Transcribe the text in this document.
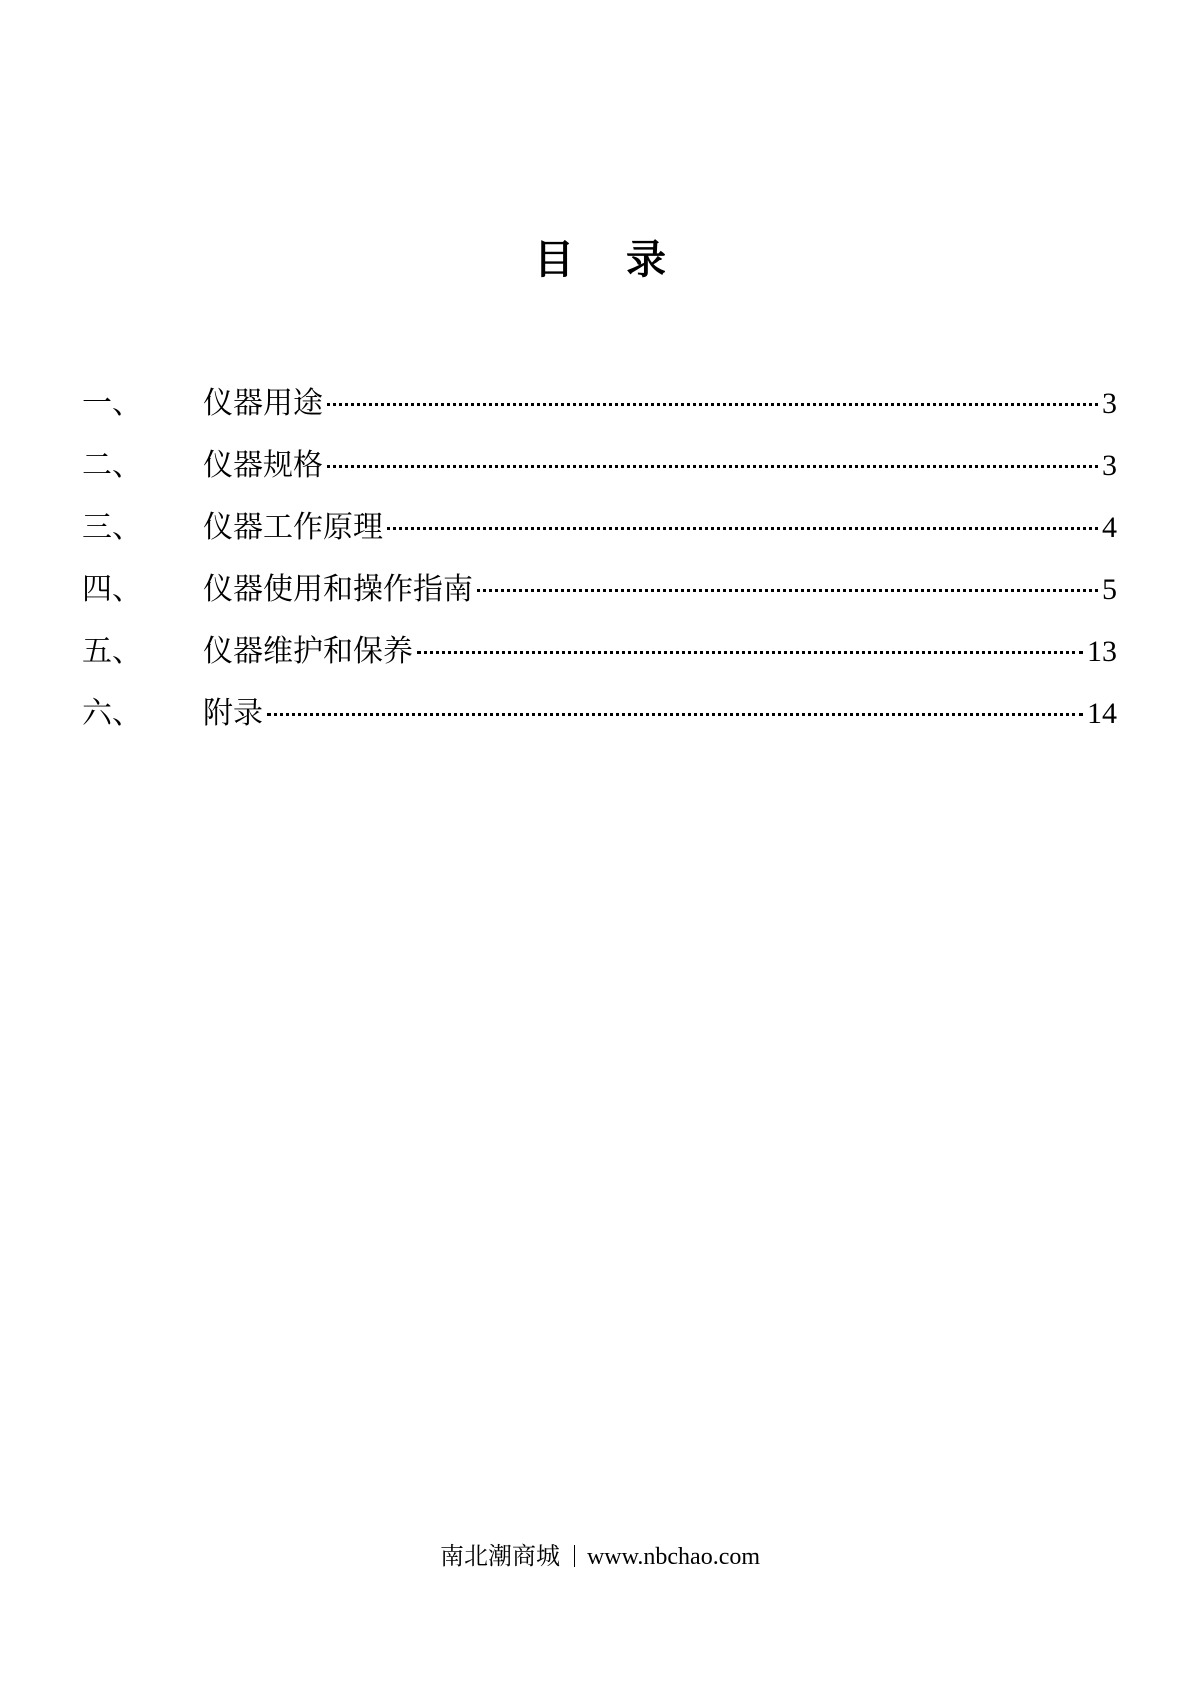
目录
一、	仪器用途	3
二、	仪器规格	3
三、	仪器工作原理	4
四、	仪器使用和操作指南	5
五、	仪器维护和保养	13
六、	附录	14
南北潮商城 www.nbchao.com
